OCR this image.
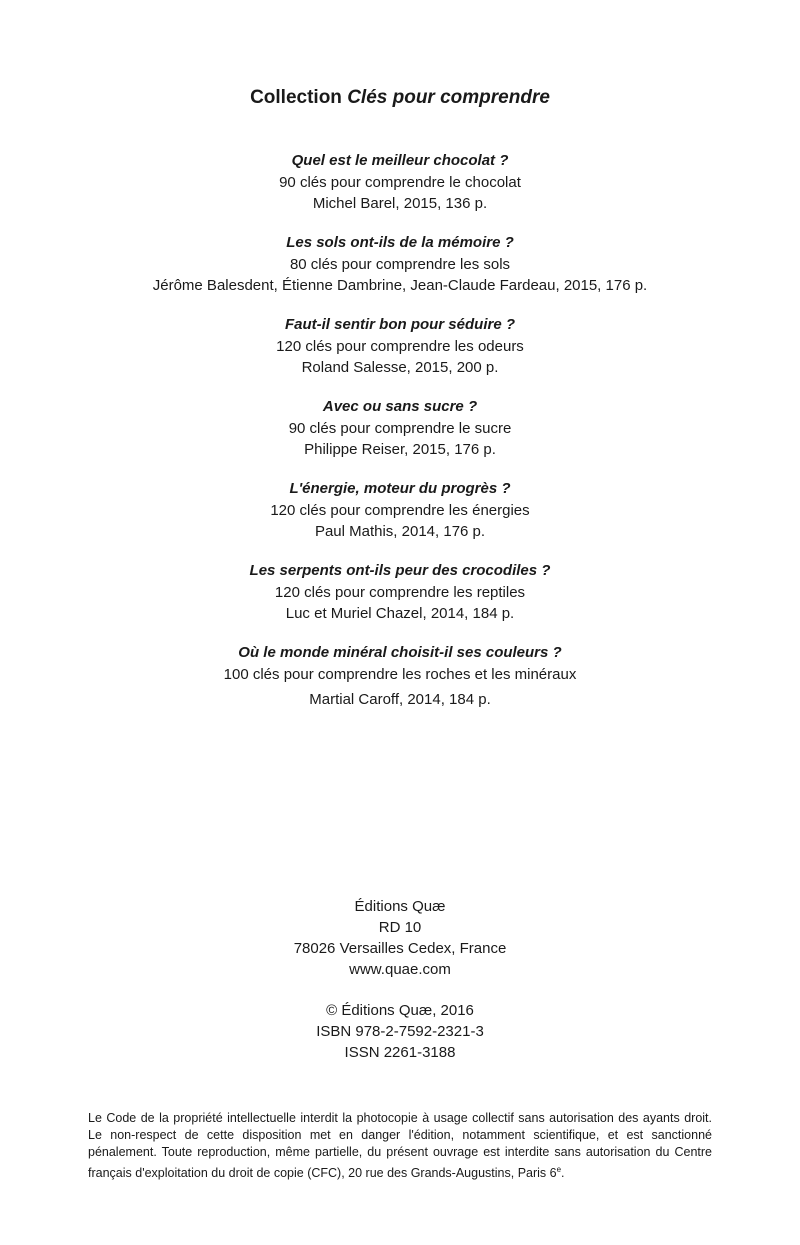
Collection Clés pour comprendre
Quel est le meilleur chocolat ?
90 clés pour comprendre le chocolat
Michel Barel, 2015, 136 p.
Les sols ont-ils de la mémoire ?
80 clés pour comprendre les sols
Jérôme Balesdent, Étienne Dambrine, Jean-Claude Fardeau, 2015, 176 p.
Faut-il sentir bon pour séduire ?
120 clés pour comprendre les odeurs
Roland Salesse, 2015, 200 p.
Avec ou sans sucre ?
90 clés pour comprendre le sucre
Philippe Reiser, 2015, 176 p.
L'énergie, moteur du progrès ?
120 clés pour comprendre les énergies
Paul Mathis, 2014, 176 p.
Les serpents ont-ils peur des crocodiles ?
120 clés pour comprendre les reptiles
Luc et Muriel Chazel, 2014, 184 p.
Où le monde minéral choisit-il ses couleurs ?
100 clés pour comprendre les roches et les minéraux
Martial Caroff, 2014, 184 p.
Éditions Quæ
RD 10
78026 Versailles Cedex, France
www.quae.com
© Éditions Quæ, 2016
ISBN 978-2-7592-2321-3
ISSN 2261-3188
Le Code de la propriété intellectuelle interdit la photocopie à usage collectif sans autorisation des ayants droit. Le non-respect de cette disposition met en danger l'édition, notamment scientifique, et est sanctionné pénalement. Toute reproduction, même partielle, du présent ouvrage est interdite sans autorisation du Centre français d'exploitation du droit de copie (CFC), 20 rue des Grands-Augustins, Paris 6e.
